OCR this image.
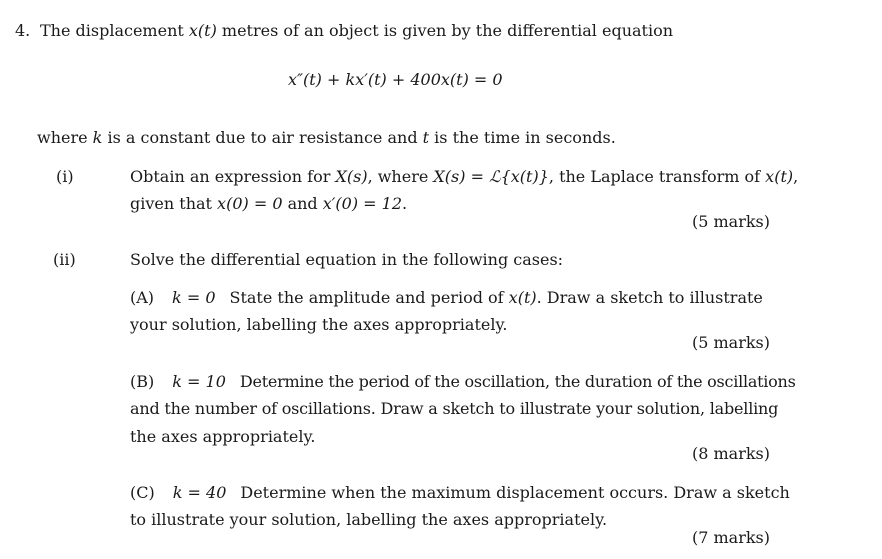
4. The displacement x(t) metres of an object is given by the differential equation
x″(t) + kx′(t) + 400x(t) = 0
where k is a constant due to air resistance and t is the time in seconds.
(i)	Obtain an expression for X(s), where X(s) = ℒ{x(t)}, the Laplace transform of x(t),
given that x(0) = 0 and x′(0) = 12.
(5 marks)
(ii)	Solve the differential equation in the following cases:
(A) k = 0 State the amplitude and period of x(t). Draw a sketch to illustrate
your solution, labelling the axes appropriately.
(5 marks)
(B) k = 10 Determine the period of the oscillation, the duration of the oscillations
and the number of oscillations. Draw a sketch to illustrate your solution, labelling
the axes appropriately.
(8 marks)
(C) k = 40 Determine when the maximum displacement occurs. Draw a sketch
to illustrate your solution, labelling the axes appropriately.
(7 marks)
